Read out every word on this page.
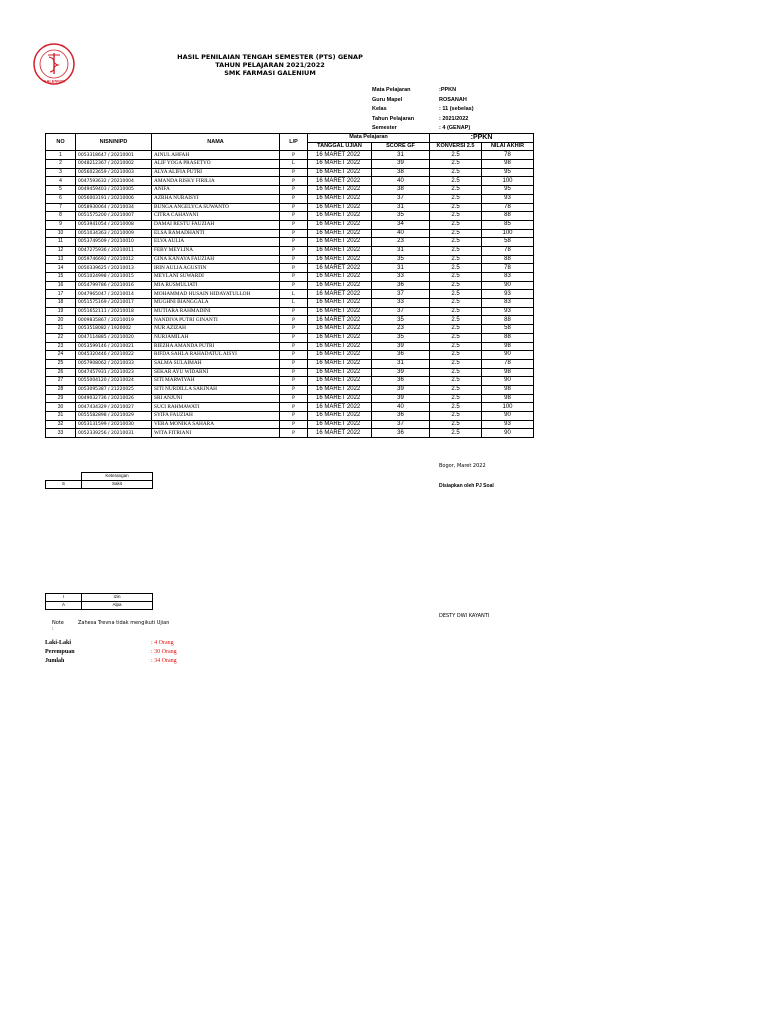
GALENIUM
HASIL PENILAIAN TENGAH SEMESTER (PTS) GENAP
TAHUN PELAJARAN 2021/2022
SMK FARMASI GALENIUM
Mata Pelajaran	:PPKN
Guru Mapel	ROSANAH
Kelas	: 11 (sebelas)
Tahun Pelajaran	: 2021/2022
Semester	: 4 (GENAP)
NO	NISN/NIPD	NAMA	L/P	Mata Pelajaran		:PPKN	
				TANGGAL UJIAN	SCORE GF	KONVERSI 2.5	NILAI AKHIR
1	0053318647 / 20210001	AINUL AHFAH	P	16 MARET 2022	31	2.5	78
2	0048212367 / 20210002	ALIF YOGA PRASETYO	L	16 MARET 2022	39	2.5	98
3	0056023659 / 20210003	ALYA ALIFIA PUTRI	P	16 MARET 2022	38	2.5	95
4	0047593632 / 20210004	AMANDA RISKY FIRILIA	P	16 MARET 2022	40	2.5	100
5	0049459403 / 20210005	ANIFA	P	16 MARET 2022	38	2.5	95
6	0056003191 / 20210006	AZRHA NURAISYI	P	16 MARET 2022	37	2.5	93
7	0058930064 / 20210034	BUNGA ANGELYCA SUWANTO	P	16 MARET 2022	31	2.5	78
8	0051575200 / 20210007	CITRA CAHAYANI	P	16 MARET 2022	35	2.5	88
9	0053941054 / 20210008	DAMAI RESTU FAUZIAH	P	16 MARET 2022	34	2.5	85
10	0051034363 / 20210009	ELSA RAMADHANTI	P	16 MARET 2022	40	2.5	100
11	0053749509 / 20210010	ELVA AULIA	P	16 MARET 2022	23	2.5	58
12	0047275936 / 20210011	FEBY MEYLINA	P	16 MARET 2022	31	2.5	78
13	0059746692 / 20210012	GINA KANAYA FAUZIAH	P	16 MARET 2022	35	2.5	88
14	0050339625 / 20210013	IRIN AULIA AGUSTIN	P	16 MARET 2022	31	2.5	78
15	0051024998 / 20210015	MEYLANI SUWARDI	P	16 MARET 2022	33	2.5	83
16	0054799786 / 20210016	MIA RUSMULIATI	P	16 MARET 2022	36	2.5	90
17	0047965047 / 20210014	MOHAMMAD HUSAIN HIDAYATULLOH	L	16 MARET 2022	37	2.5	93
18	0051575169 / 20210017	MUGHNI BIANGGALA	L	16 MARET 2022	33	2.5	83
19	0051652111 / 20210018	MUTIARA RAHMADINI	P	16 MARET 2022	37	2.5	93
20	0009835867 / 20210019	NANDIVA PUTRI GINANTI	P	16 MARET 2022	35	2.5	88
21	0053518082 / 1920002	NUR AZIZAH	P	16 MARET 2022	23	2.5	58
22	0047114885 / 20210020	NURJAMILAH	P	16 MARET 2022	35	2.5	88
23	0053599146 / 20210021	RIEZHA AMANDA PUTRI	P	16 MARET 2022	39	2.5	98
24	0045320446 / 20210022	RIFDA SAHLA RAHADATUL AISYI	P	16 MARET 2022	36	2.5	90
25	0057908062 / 20210033	SALMA SULAIMAH	P	16 MARET 2022	31	2.5	78
26	0047457931 / 20210023	SEKAR AYU WIDARNI	P	16 MARET 2022	39	2.5	98
27	0055004120 / 20210024	SITI MARWIYAH	P	16 MARET 2022	36	2.5	90
28	0053095387 / 21220025	SITI NURDILLA SAKINAH	P	16 MARET 2022	39	2.5	98
29	0049032736 / 20210026	SRI ANJUNI	P	16 MARET 2022	39	2.5	98
30	0047434329 / 20210027	SUCI RAHMAWATI	P	16 MARET 2022	40	2.5	100
31	0055582898 / 20210029	SYIFA FAUZIAH	P	16 MARET 2022	36	2.5	90
32	0053131599 / 20210030	VERA MONIKA SAHARA	P	16 MARET 2022	37	2.5	93
33	0052339256 / 20210031	WITA FITRIANI	P	16 MARET 2022	36	2.5	90
Bogor, Maret 2022
Disiapkan oleh PJ Soal
DESTY DWI KAYANTI
	Keterangan
S	Sakit
I	Izin
A	Alpa
Note :
Zahesa Trevna tidak mengikuti Ujian
Laki-Laki	: 4 Orang
Perempuan	: 30 Orang
Jumlah	: 34 Orang
